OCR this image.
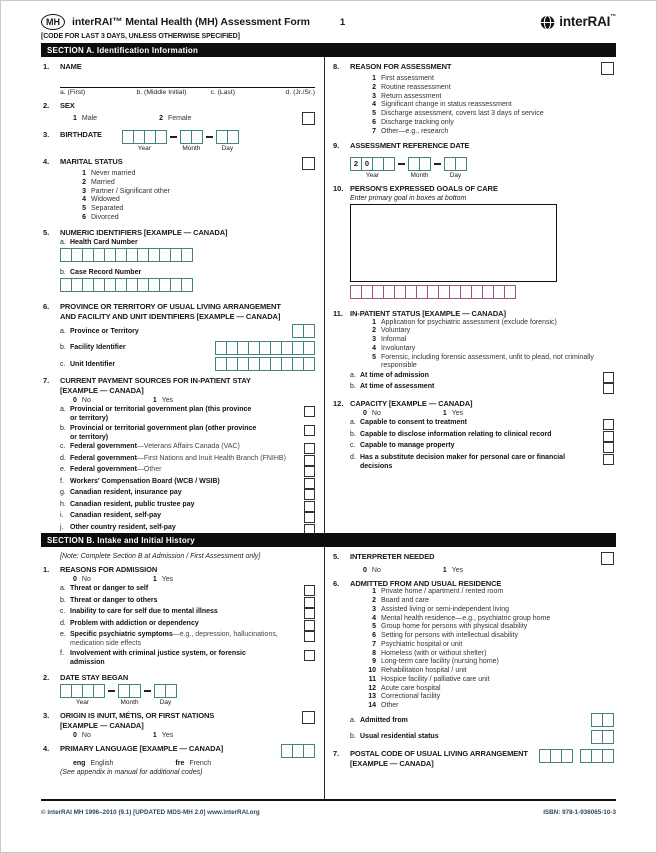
MH	interRAI™ Mental Health (MH) Assessment Form	1	interRAI ™
[CODE FOR LAST 3 DAYS, UNLESS OTHERWISE SPECIFIED]
SECTION A. Identification Information
1.	NAME
a. (First)	b. (Middle Initial)	c. (Last)	d. (Jr./Sr.)
2.	SEX
1 Male	2 Female
3.	BIRTHDATE
Year	Month	Day
4.	MARITAL STATUS
1 Never married
2 Married
3 Partner / Significant other
4 Widowed
5 Separated
6 Divorced
5.	NUMERIC IDENTIFIERS [EXAMPLE — CANADA]
a. Health Card Number
b. Case Record Number
6.	PROVINCE OR TERRITORY OF USUAL LIVING ARRANGEMENT
AND FACILITY AND UNIT IDENTIFIERS [EXAMPLE — CANADA]
a. Province or Territory
b. Facility Identifier
c. Unit Identifier
7.	CURRENT PAYMENT SOURCES FOR IN-PATIENT STAY
[EXAMPLE — CANADA]
0 No	1 Yes
a. Provincial or territorial government plan (this province
or territory)
b. Provincial or territorial government plan (other province
or territory)
c. Federal government—Veterans Affairs Canada (VAC)
d. Federal government—First Nations and Inuit Health Branch (FNIHB)
e. Federal government—Other
f. Workers' Compensation Board (WCB / WSIB)
g. Canadian resident, insurance pay
h. Canadian resident, public trustee pay
i. Canadian resident, self-pay
j. Other country resident, self-pay
8.	REASON FOR ASSESSMENT
1 First assessment
2 Routine reassessment
3 Return assessment
4 Significant change in status reassessment
5 Discharge assessment, covers last 3 days of service
6 Discharge tracking only
7 Other—e.g., research
9.	ASSESSMENT REFERENCE DATE
2 0
Year	Month	Day
10. PERSON'S EXPRESSED GOALS OF CARE
Enter primary goal in boxes at bottom
11. IN-PATIENT STATUS [EXAMPLE — CANADA]
1 Application for psychiatric assessment (exclude forensic)
2 Voluntary
3 Informal
4 Involuntary
5 Forensic, including forensic assessment, unfit to plead, not criminally
responsible
a. At time of admission
b. At time of assessment
12. CAPACITY [EXAMPLE — CANADA]
0 No	1 Yes
a. Capable to consent to treatment
b. Capable to disclose information relating to clinical record
c. Capable to manage property
d. Has a substitute decision maker for personal care or financial
decisions
SECTION B. Intake and Initial History
[Note: Complete Section B at Admission / First Assessment only]
1.	REASONS FOR ADMISSION
0 No	1 Yes
a. Threat or danger to self
b. Threat or danger to others
c. Inability to care for self due to mental illness
d. Problem with addiction or dependency
e. Specific psychiatric symptoms—e.g., depression, hallucinations,
medication side effects
f. Involvement with criminal justice system, or forensic
admission
2.	DATE STAY BEGAN
Year	Month	Day
3.	ORIGIN IS INUIT, MÉTIS, OR FIRST NATIONS
[EXAMPLE — CANADA]
0 No	1 Yes
4.	PRIMARY LANGUAGE [EXAMPLE — CANADA]
eng English	fre French
(See appendix in manual for additional codes)
5.	INTERPRETER NEEDED
0 No	1 Yes
6.	ADMITTED FROM AND USUAL RESIDENCE
1 Private home / apartment / rented room
2 Board and care
3 Assisted living or semi-independent living
4 Mental health residence—e.g., psychiatric group home
5 Group home for persons with physical disability
6 Setting for persons with intellectual disability
7 Psychiatric hospital or unit
8 Homeless (with or without shelter)
9 Long-term care facility (nursing home)
10 Rehabilitation hospital / unit
11 Hospice facility / palliative care unit
12 Acute care hospital
13 Correctional facility
14 Other
a. Admitted from
b. Usual residential status
7.	POSTAL CODE OF USUAL LIVING ARRANGEMENT
[EXAMPLE — CANADA]
© interRAI MH 1996–2010 (9.1) [UPDATED MDS-MH 2.0] www.interRAI.org	ISBN: 978-1-936065-10-3
